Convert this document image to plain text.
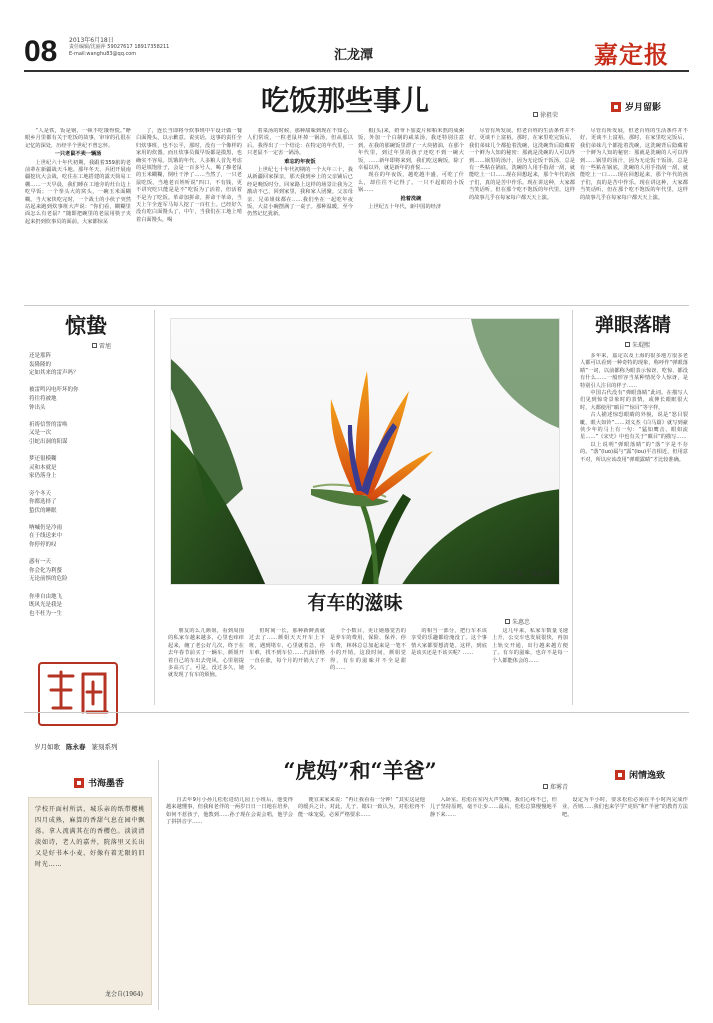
08 2013年6月18日
责任编辑/沈丽萍 59027617 18917358211
E-mail:wanghu83@qq.com	汇龙潭	嘉定报
吃饭那些事儿	徐祖荣
岁月留影

“人是铁，饭是钢，一顿不吃饿得慌。”睁眼乡月里都有关于吃饭的故事，审审的孔很在记忆的深处，历经半个世纪不曾忘怀。

一只老鼠不卖一辆汤

上世纪六十年代初期，我跟着359旅的老前辈在新疆战天斗地。那年冬天，兵团开展南疆挖坑大会战，吃住在工地搭建的露天简易工棚……一天早晨，我们睡在工地旁的灶台边上吃早饭；一个拳头大的窝头，一碗玉米面糊糊。当大家快吃完时，一个战士的小伙子突然站起来跑到炊事班大声说：“你们看，糊糊里面怎么有老鼠？”随即把碗里的老鼠用筷子夹起来扔到炊事员的面前。大家都惊呆

了，连长当即将今炊事班中午设计做一餐白面馒头，以示歉意。说实话，这事的责任全归炊事班，也不公平，那时，没有一个像样的家用的炊器。而且炊事员做早饭都是摸黑，也确实不容易。饥饿的年代，人多粮人首先考虑的是填饱肚子，会是一百多号人，喝了掺老鼠的玉米糊糊，倒吐干净了……当然了，一只老鼠吃饭，当地老百姓听说“四口，不有钱，更不讲究吃只能是是不”吃饭为了活着，但活着不是为了吃饭。革命加拼命。拼命干革命，当天上午全连军马每人挖了一百杠土。已经好久没有吃白面馒头了，中午，当我们在工地上啃着白面馒头，喝

着菜汤的时候，那种甜味到现在不知心，人们常说，一粒老鼠坏掉一锅汤，但从那以后，我得出了一个结论：在特定的年代里，一只老鼠不一定害一锅汤。

难忘的年夜饭

上世纪七十年代初期的一个大年三十，我从新疆回家探亲，那天我到乡上的父亲铺后已经是晚饭时分。回家路上这样的场景让我为之激动不已，回到家里，我和家人团聚。父亲母亲、兄弟姐妹都在……我们坐在一起吃年夜饭，大盆小碗摆满了一桌子。那种温暖，至今仍然记忆犹新。

根(头)来，奶爷卜加麦片和粕米熬的成粥饭，外加一个白制的咸菜汤，我还特别注意到，在我的那碗饭里漂了一大块猪油，在那个年代里，到过年里的孩子还吃不到一碗大饭，……新年即将来到，我们吃这碗饭，除了幸福以外，就是新年的喜悦……

现在的年夜饭，越吃越丰盛，可吃了什么，却往往不记得了。一只不起眼的小饭锅……

抢着洗碗

上世纪五十年代，新中国的经济

尽管有所发展，但老百姓的生活条件并不好，更谈不上富裕。那时，在家里吃完饭后，我们弟妹几个都抢着洗碗，这洗碗背后隐藏着一个鲜为人知的秘密：那就是洗碗的人可以得到……锅里的汤汁，因为无论饭干饭汤，总是有一些粘在锅底，洗碗的人用手指刮一刮，就能吃上一口……现在回想起来，那个年代的孩子们，真的是苦中作乐。现在讲这种，大家都当笑话听，但在那个吃不饱饭的年代里，这样的故事几乎在每家每户都天天上演。

尽管有所发展，但老百姓的生活条件并不好，更谈不上富裕。那时，在家里吃完饭后，我们弟妹几个都抢着洗碗，这洗碗背后隐藏着一个鲜为人知的秘密：那就是洗碗的人可以得到……锅里的汤汁，因为无论饭干饭汤，总是有一些粘在锅底，洗碗的人用手指刮一刮，就能吃上一口……现在回想起来，那个年代的孩子们，真的是苦中作乐。现在讲这种，大家都当笑话听，但在那个吃不饱饭的年代里，这样的故事几乎在每家每户都天天上演。

惊蛰
雷旭
还是那阵
轰隆隆的
定如其来的雷声吗？
被雷鸣闪电吓坏的你
将往将被地
钟出头
祈祷信誓的雷唤
又是一次
引蛇出洞的阳谋
梦还很模糊
灵和本就是
家仍落身上
旁个冬天
你都选择了
蛰伏的睡眠
呐喊仍是冷雨
在于线送来中
你停停的叹
惑有一天
你会化为利螯
无论前惧的危险
你垂自由地飞
既风光是我是
也不枉为一生
“鸟”之舞 钱磊/摄
弹眼落睛
朱琨熙

多年来，嘉定以及上海的很多地方很多老人都可以看到一种奇特的现象，称呼作“弹眼落睛”一词，以前都称为眼表示惊讶、吃惊、都没有什么……一般形容当某种情况令人惊讶，是特别引人注目的样子……

中国古代没有“弹眼落睛”此词。在描写人们见到惊奇景象时的表情，或伸长眼眶很大时，大都使用“瞋目”“惊目”等字样。

古人描述惊恐眼睛的外貌，说是“怒目裂眦，眼大如铃”……刘义杰《白马篇》就写到豪侠少年的马上有一句：“猛如鹰击，眼如流星……”《宋史》中也有关于“瞋目”的描写……

以上说明“弹眼落睛”的“落”字是不存的。“落”(luo)属与“露”(lou)平音相近，但用意不对，所以应该改用“弹眼露睛”才比较准确。

有车的滋味
朱惠忠

朋友的么儿颜姐，看到周围的私家车越来越多，心里也痒痒起来，缠了老公好几次，终于在去年春节前买了一辆车。颜姐开着自己的车出去兜风，心里别提多高兴了。可是，没过多久，她就发现了有车的烦恼。

但时间一长，那种新鲜劲就过去了……颜姐天天开车上下班，遇到堵车，心里就着急，停车难，找不到车位……汽油价格一直在涨，每个月的开销大了不少。

个小数目，更让她感觉苦的是养车的费用，保险、保养、停车费，林林总总加起来是一笔不小的开销。这段时间，颜姐觉得，有车的滋味并不全是甜的……

的相当一部分，把行车本该享受的乐趣都给淹没了。这个事情大家都要想清楚。这样，到底是该买还是不该买呢？……

这几年来，私家车数量飞速上升，公交车也发展很快，再加上轨交开通，出行越来越方便了。有车的滋味，也许不是每一个人都能体会的……

岁月如歌 陈永春 篆刻系列
书海墨香
学校开面村所活，城乐亲的纸带樱桃四月成熟，麻算的香甜气息在园中飘荡。拿人流满其在的香樱色。淡淡清淡如诗，老人的嘉井，院落里又长出又是好书本小麦，好像有着无限的旧时光……
龙会自(1964)
“虎妈”和“羊爸”
郑雾青
闲情逸致

自去年9月小孙儿松松进幼儿园上小班后，他变得越来越懂事，但我和老伴的一两岁日日一日地在培养，如何不惹孩子，他教到……孙子现在会说会唱，他学会了拼拼音字……

便宜来家来说：“再让我看看一分钟！”其实这是他的缓兵之计。对此，儿子、媳妇一致认为，对松松再不能一味宠爱，必须严格要求……

入卧室。松松在室内大声哭喊，我们心疼不已，但儿子坚持原则，毫不让步……最后，松松总算慢慢地平静下来……

设定为半小时，要求松松必须在半小时内完成作业，否则……我们也来学学“虎妈”和“羊爸”的教育方法吧。
